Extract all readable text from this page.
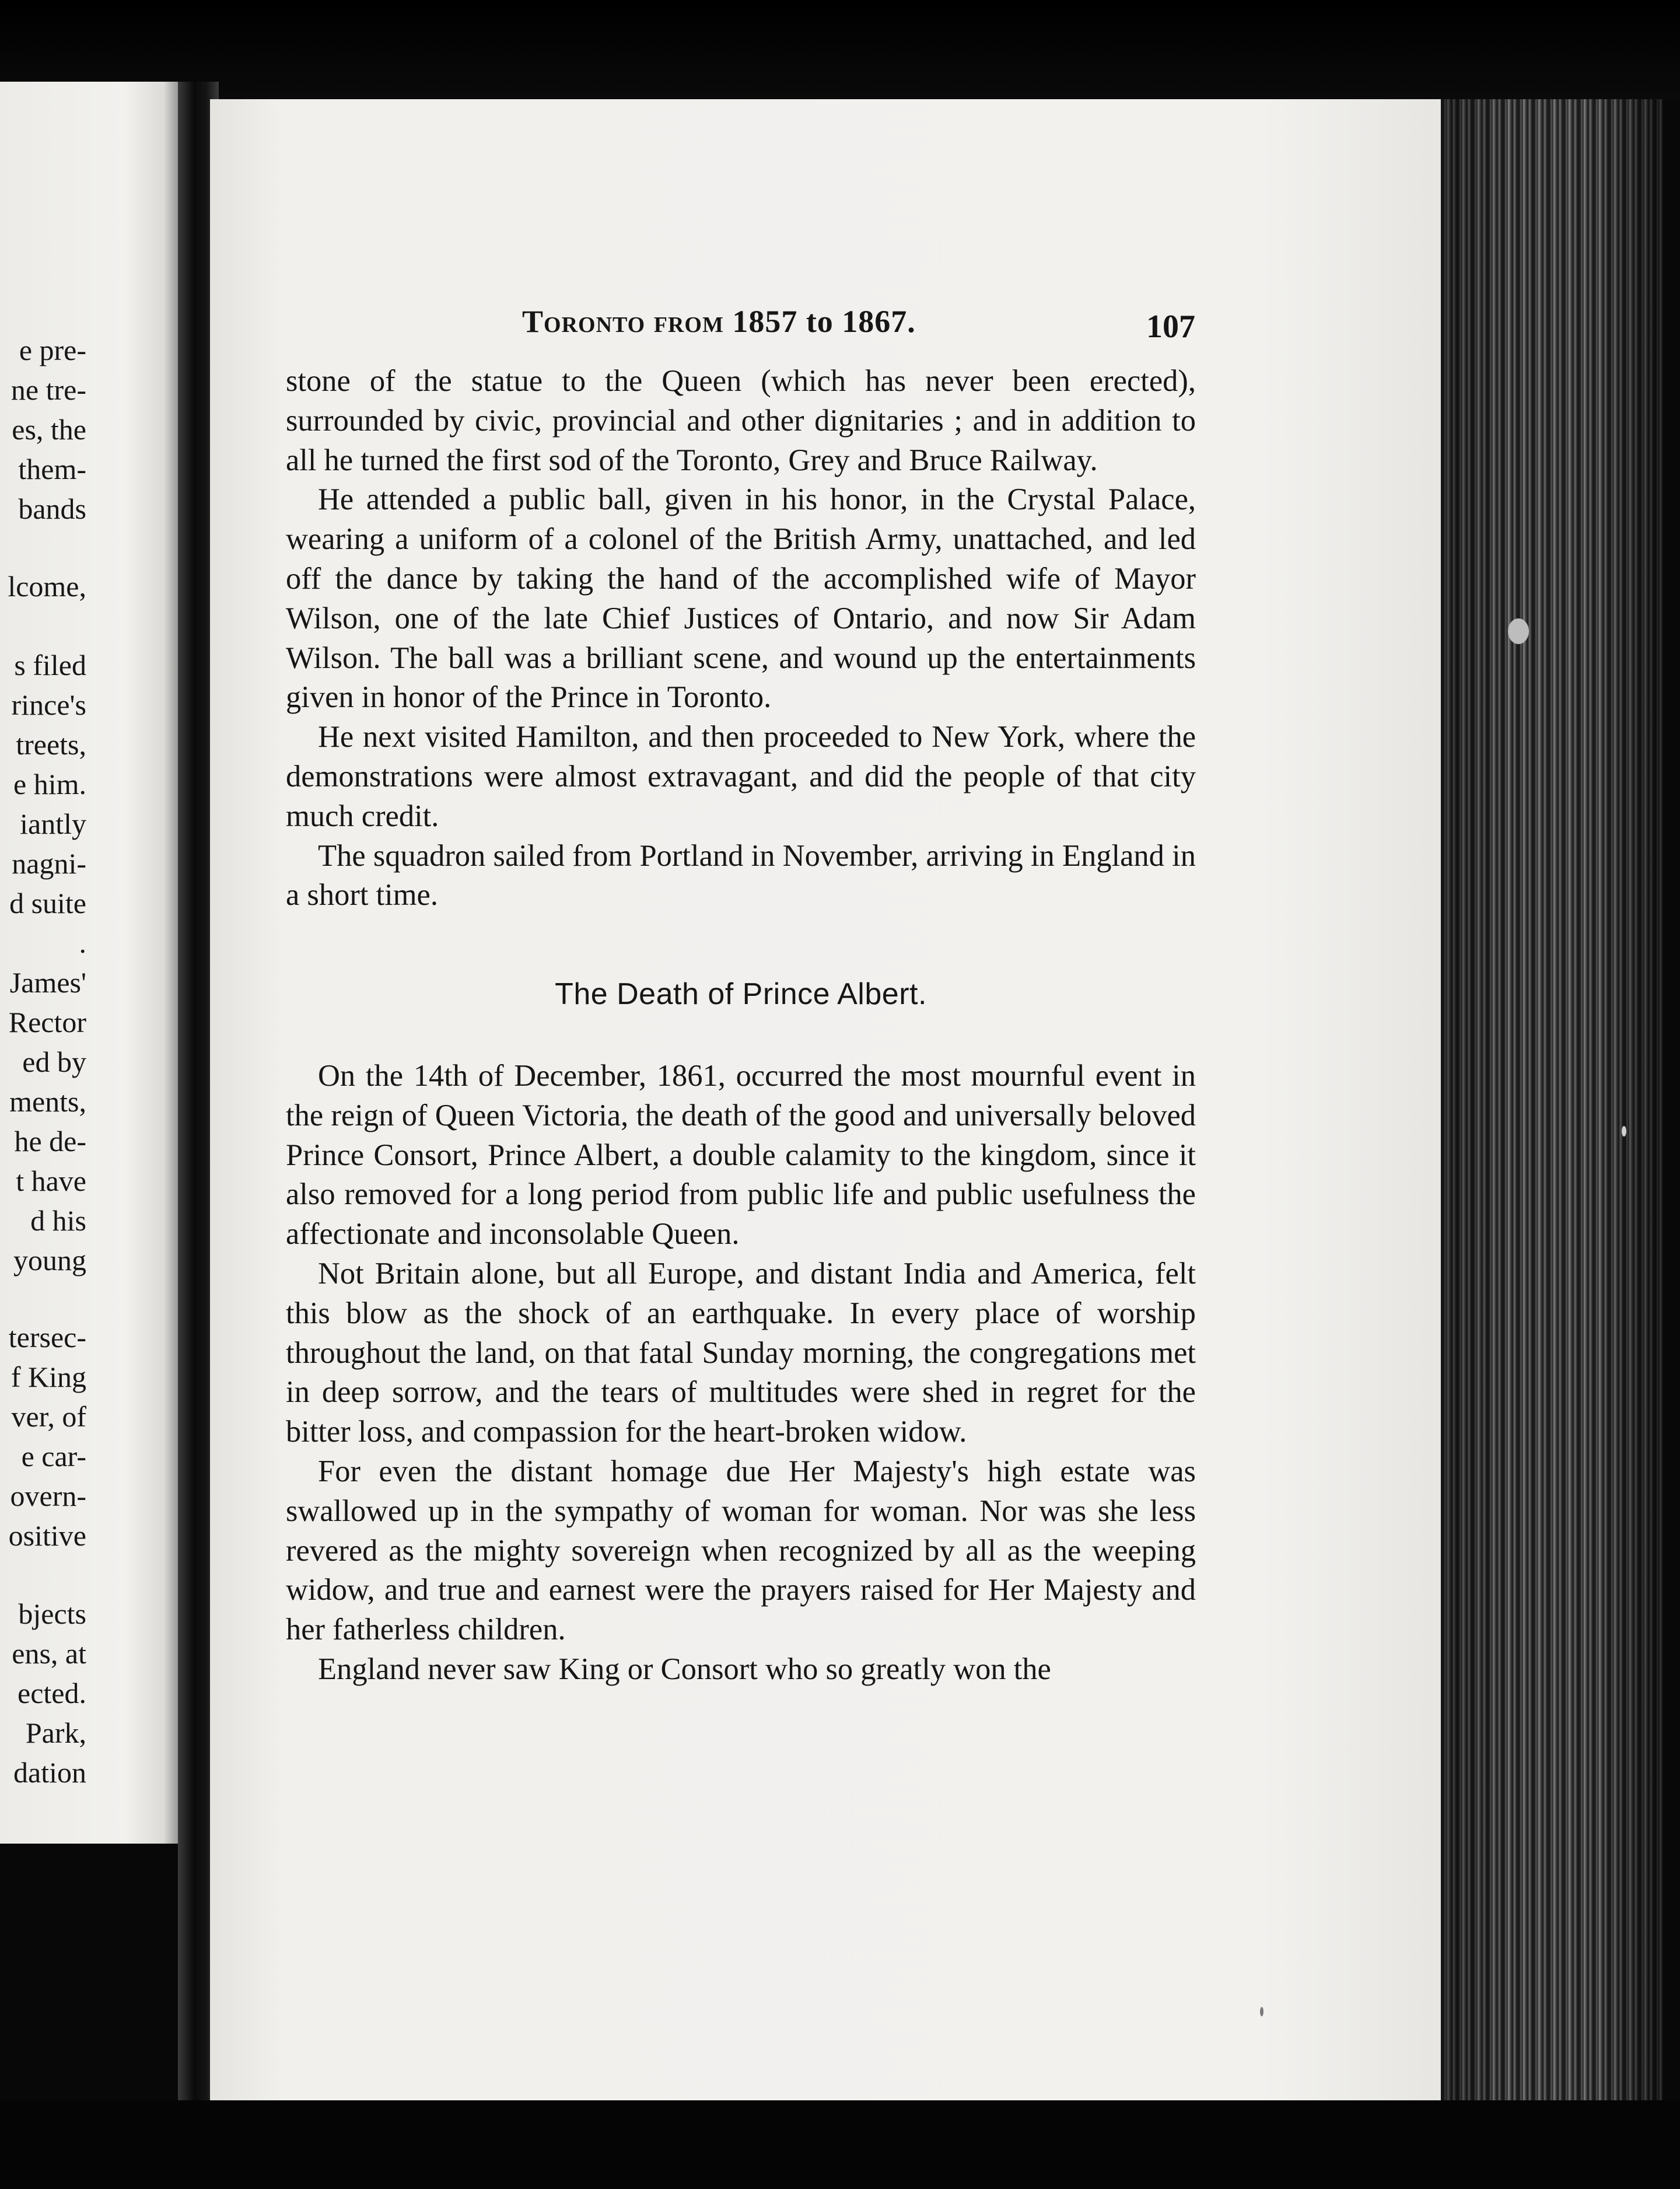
e pre-
ne tre-
es, the
them-
bands
lcome,
s filed
rince's
treets,
e him.
iantly
nagni-
d suite
.
James'
Rector
ed by
ments,
he de-
t have
d his
young
tersec-
f King
ver, of
e car-
overn-
ositive
bjects
ens, at
ected.
Park,
dation
Toronto from 1857 to 1867.	107

stone of the statue to the Queen (which has never been erected), surrounded by civic, provincial and other dignitaries ; and in addition to all he turned the first sod of the Toronto, Grey and Bruce Railway.

He attended a public ball, given in his honor, in the Crystal Palace, wearing a uniform of a colonel of the British Army, unattached, and led off the dance by taking the hand of the accomplished wife of Mayor Wilson, one of the late Chief Justices of Ontario, and now Sir Adam Wilson. The ball was a brilliant scene, and wound up the entertainments given in honor of the Prince in Toronto.

He next visited Hamilton, and then proceeded to New York, where the demonstrations were almost extravagant, and did the people of that city much credit.

The squadron sailed from Portland in November, arriving in England in a short time.

The Death of Prince Albert.

On the 14th of December, 1861, occurred the most mournful event in the reign of Queen Victoria, the death of the good and universally beloved Prince Consort, Prince Albert, a double calamity to the kingdom, since it also removed for a long period from public life and public usefulness the affectionate and inconsolable Queen.

Not Britain alone, but all Europe, and distant India and America, felt this blow as the shock of an earthquake. In every place of worship throughout the land, on that fatal Sunday morning, the congregations met in deep sorrow, and the tears of multitudes were shed in regret for the bitter loss, and compassion for the heart-broken widow.

For even the distant homage due Her Majesty's high estate was swallowed up in the sympathy of woman for woman. Nor was she less revered as the mighty sovereign when recognized by all as the weeping widow, and true and earnest were the prayers raised for Her Majesty and her fatherless children.

England never saw King or Consort who so greatly won the
